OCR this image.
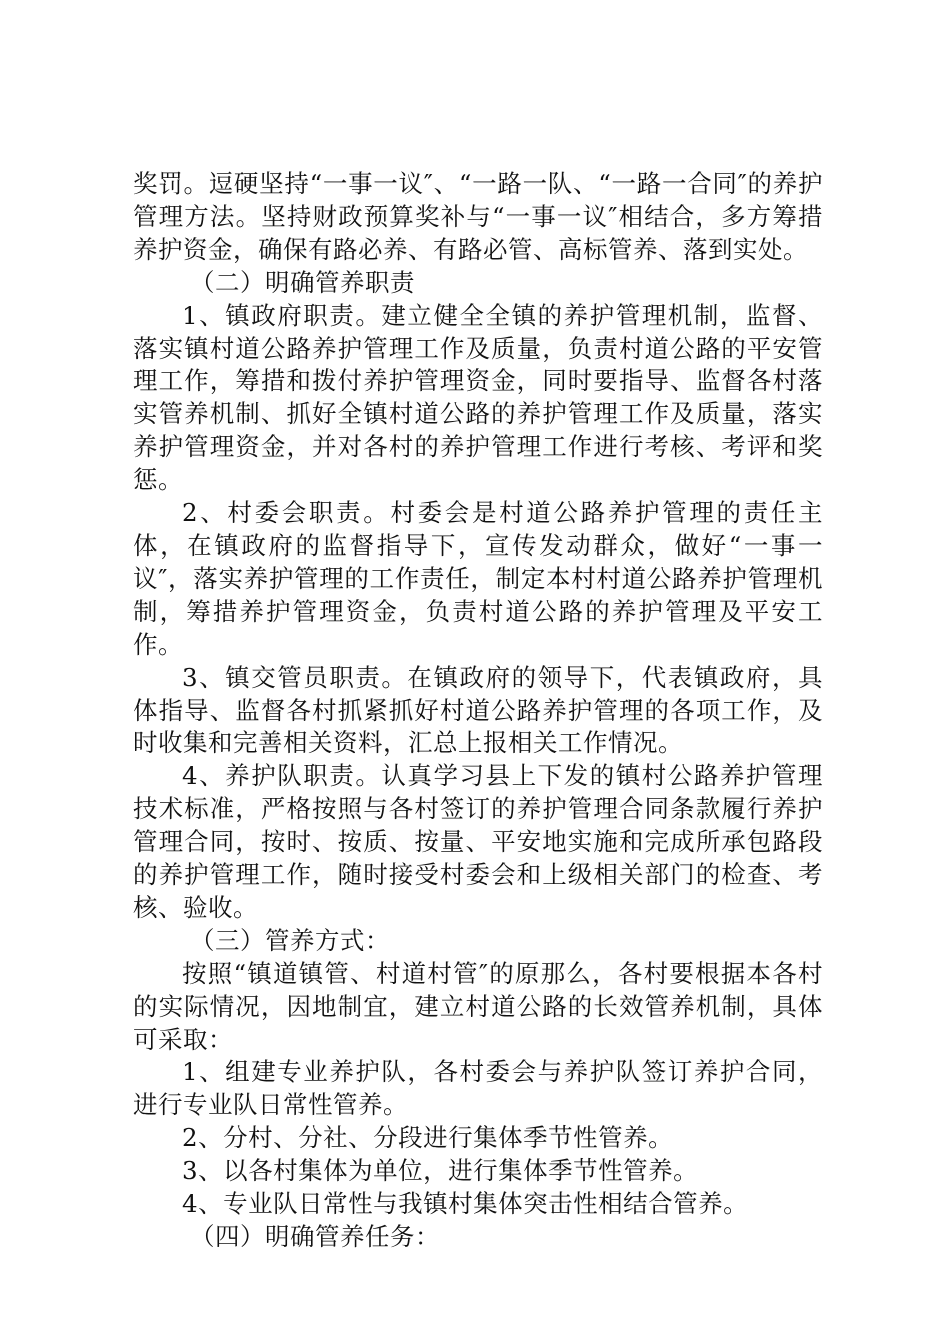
奖罚。逗硬坚持“一事一议″、“一路一队、“一路一合同″的养护管理方法。坚持财政预算奖补与“一事一议″相结合，多方筹措养护资金，确保有路必养、有路必管、高标管养、落到实处。

（二）明确管养职责

1、镇政府职责。建立健全全镇的养护管理机制，监督、落实镇村道公路养护管理工作及质量，负责村道公路的平安管理工作，筹措和拨付养护管理资金，同时要指导、监督各村落实管养机制、抓好全镇村道公路的养护管理工作及质量，落实养护管理资金，并对各村的养护管理工作进行考核、考评和奖惩。

2、村委会职责。村委会是村道公路养护管理的责任主体，在镇政府的监督指导下，宣传发动群众，做好“一事一议″，落实养护管理的工作责任，制定本村村道公路养护管理机制，筹措养护管理资金，负责村道公路的养护管理及平安工作。

3、镇交管员职责。在镇政府的领导下，代表镇政府，具体指导、监督各村抓紧抓好村道公路养护管理的各项工作，及时收集和完善相关资料，汇总上报相关工作情况。

4、养护队职责。认真学习县上下发的镇村公路养护管理技术标准，严格按照与各村签订的养护管理合同条款履行养护管理合同，按时、按质、按量、平安地实施和完成所承包路段的养护管理工作，随时接受村委会和上级相关部门的检查、考核、验收。

（三）管养方式：

按照“镇道镇管、村道村管″的原那么，各村要根据本各村的实际情况，因地制宜，建立村道公路的长效管养机制，具体可采取：

1、组建专业养护队，各村委会与养护队签订养护合同，进行专业队日常性管养。

2、分村、分社、分段进行集体季节性管养。

3、以各村集体为单位，进行集体季节性管养。

4、专业队日常性与我镇村集体突击性相结合管养。

（四）明确管养任务：
